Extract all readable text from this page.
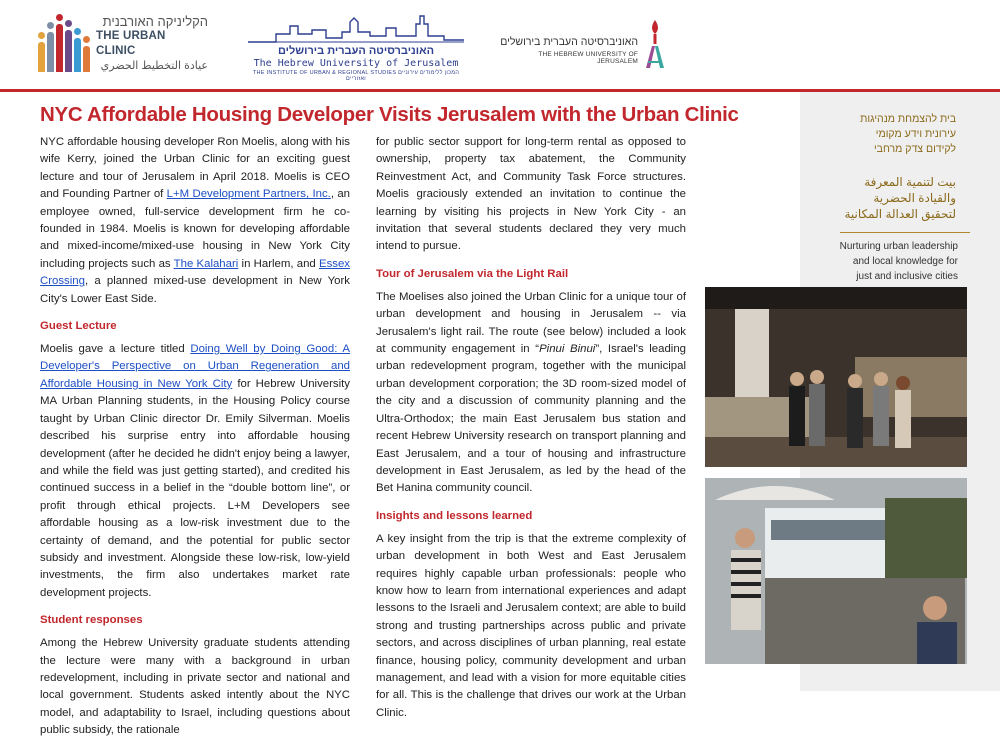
הקליניקה האורבנית
THE URBAN CLINIC
عيادة التخطيط الحضري
האוניברסיטה העברית בירושלים
The Hebrew University of Jerusalem
THE INSTITUTE OF URBAN & REGIONAL STUDIES המכון ללימודים עירוניים ואזוריים
האוניברסיטה העברית בירושלים
THE HEBREW UNIVERSITY OF JERUSALEM
בית להצמחת מנהיגות
עירונית וידע מקומי
לקידום צדק מרחבי
بيت لتنمية المعرفة
والقيادة الحضرية
لتحقيق العدالة المكانية
Nurturing urban leadership
and local knowledge for
just and inclusive cities
NYC Affordable Housing Developer Visits Jerusalem with the Urban Clinic

NYC affordable housing developer Ron Moelis, along with his wife Kerry, joined the Urban Clinic for an exciting guest lecture and tour of Jerusalem in April 2018. Moelis is CEO and Founding Partner of L+M Development Partners, Inc., an employee owned, full-service development firm he co-founded in 1984. Moelis is known for developing affordable and mixed-income/mixed-use housing in New York City including projects such as The Kalahari in Harlem, and Essex Crossing, a planned mixed-use development in New York City's Lower East Side.

Guest Lecture

Moelis gave a lecture titled Doing Well by Doing Good: A Developer's Perspective on Urban Regeneration and Affordable Housing in New York City for Hebrew University MA Urban Planning students, in the Housing Policy course taught by Urban Clinic director Dr. Emily Silverman. Moelis described his surprise entry into affordable housing development (after he decided he didn't enjoy being a lawyer, and while the field was just getting started), and credited his continued success in a belief in the “double bottom line”, or profit through ethical projects. L+M Developers see affordable housing as a low-risk investment due to the certainty of demand, and the potential for public sector subsidy and investment. Alongside these low-risk, low-yield investments, the firm also undertakes market rate development projects.

Student responses

Among the Hebrew University graduate students attending the lecture were many with a background in urban redevelopment, including in private sector and national and local government. Students asked intently about the NYC model, and adaptability to Israel, including questions about public subsidy, the rationale

for public sector support for long-term rental as opposed to ownership, property tax abatement, the Community Reinvestment Act, and Community Task Force structures. Moelis graciously extended an invitation to continue the learning by visiting his projects in New York City - an invitation that several students declared they very much intend to pursue.

Tour of Jerusalem via the Light Rail

The Moelises also joined the Urban Clinic for a unique tour of urban development and housing in Jerusalem -- via Jerusalem's light rail. The route (see below) included a look at community engagement in “Pinui Binui”, Israel's leading urban redevelopment program, together with the municipal urban development corporation; the 3D room-sized model of the city and a discussion of community planning and the Ultra-Orthodox; the main East Jerusalem bus station and recent Hebrew University research on transport planning and East Jerusalem, and a tour of housing and infrastructure development in East Jerusalem, as led by the head of the Bet Hanina community council.

Insights and lessons learned

A key insight from the trip is that the extreme complexity of urban development in both West and East Jerusalem requires highly capable urban professionals: people who know how to learn from international experiences and adapt lessons to the Israeli and Jerusalem context; are able to build strong and trusting partnerships across public and private sectors, and across disciplines of urban planning, real estate finance, housing policy, community development and urban management, and lead with a vision for more equitable cities for all. This is the challenge that drives our work at the Urban Clinic.
